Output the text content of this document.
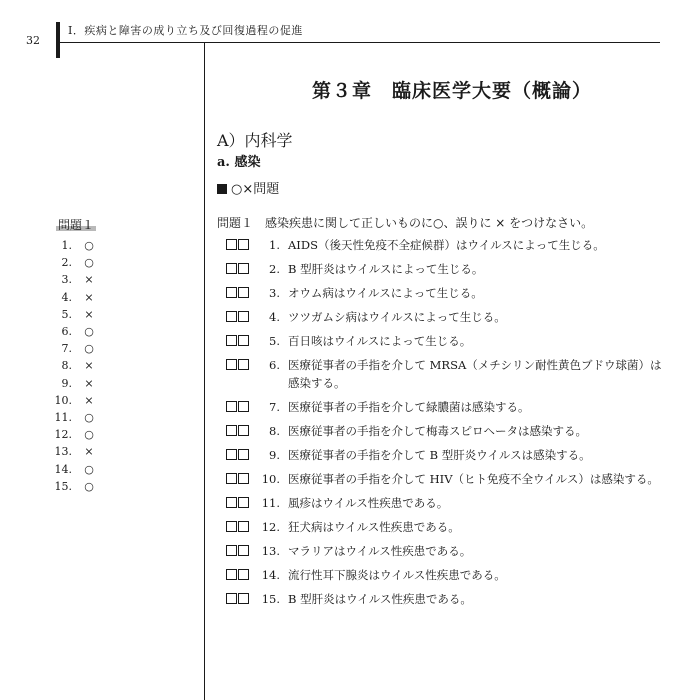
32
Ⅰ．疾病と障害の成り立ち及び回復過程の促進
第３章　臨床医学大要（概論）
A）内科学
a. 感染
○×問題
問題１ 感染疾患に関して正しいものに○、誤りに × をつけなさい。
1. AIDS（後天性免疫不全症候群）はウイルスによって生じる。
2. B 型肝炎はウイルスによって生じる。
3. オウム病はウイルスによって生じる。
4. ツツガムシ病はウイルスによって生じる。
5. 百日咳はウイルスによって生じる。
6. 医療従事者の手指を介して MRSA（メチシリン耐性黄色ブドウ球菌）は感染する。
7. 医療従事者の手指を介して緑膿菌は感染する。
8. 医療従事者の手指を介して梅毒スピロヘータは感染する。
9. 医療従事者の手指を介して B 型肝炎ウイルスは感染する。
10. 医療従事者の手指を介して HIV（ヒト免疫不全ウイルス）は感染する。
11. 風疹はウイルス性疾患である。
12. 狂犬病はウイルス性疾患である。
13. マラリアはウイルス性疾患である。
14. 流行性耳下腺炎はウイルス性疾患である。
15. B 型肝炎はウイルス性疾患である。
問題１
1. ○
2. ○
3. ×
4. ×
5. ×
6. ○
7. ○
8. ×
9. ×
10. ×
11. ○
12. ○
13. ×
14. ○
15. ○
